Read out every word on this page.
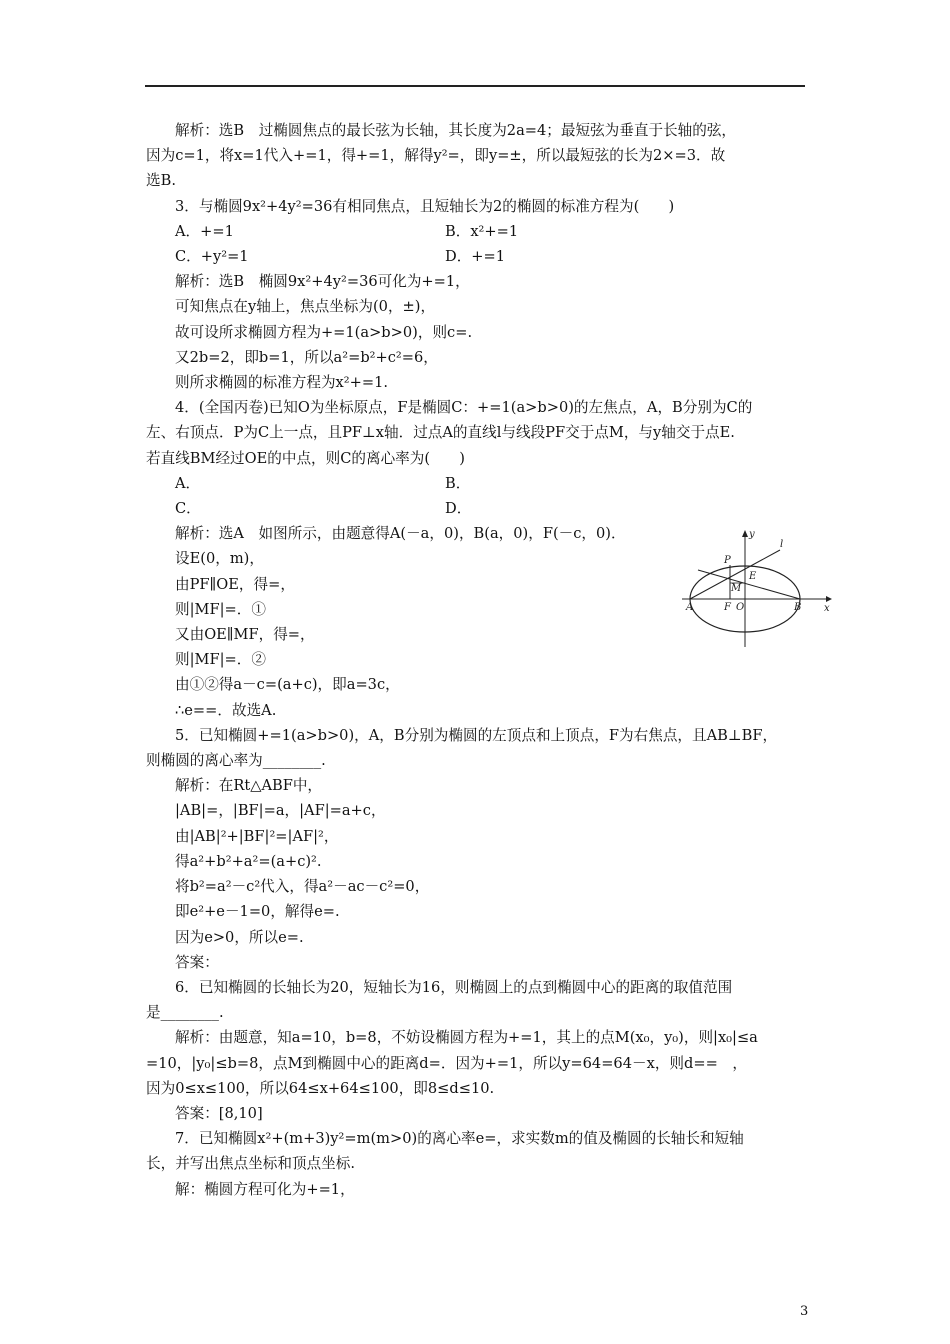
解析：选B　过椭圆焦点的最长弦为长轴，其长度为2a=4；最短弦为垂直于长轴的弦，

因为c=1，将x=1代入+=1，得+=1，解得y²=，即y=±，所以最短弦的长为2×=3．故

选B.

3．与椭圆9x²+4y²=36有相同焦点，且短轴长为2的椭圆的标准方程为(　　)

A．+=1	B．x²+=1
C．+y²=1	D．+=1

解析：选B　椭圆9x²+4y²=36可化为+=1，

可知焦点在y轴上，焦点坐标为(0，±)，

故可设所求椭圆方程为+=1(a>b>0)，则c=.

又2b=2，即b=1，所以a²=b²+c²=6，

则所求椭圆的标准方程为x²+=1.

4．(全国丙卷)已知O为坐标原点，F是椭圆C：+=1(a>b>0)的左焦点，A，B分别为C的

左、右顶点．P为C上一点，且PF⊥x轴．过点A的直线l与线段PF交于点M，与y轴交于点E.

若直线BM经过OE的中点，则C的离心率为(　　)

A．	B．
C．	D．

解析：选A　如图所示，由题意得A(－a，0)，B(a，0)，F(－c，0)．

设E(0，m)，

由PF∥OE，得=，

则|MF|=．①

又由OE∥MF，得=，

则|MF|=．②

由①②得a－c=(a+c)，即a=3c，

∴e==．故选A.

5．已知椭圆+=1(a>b>0)，A，B分别为椭圆的左顶点和上顶点，F为右焦点，且AB⊥BF，

则椭圆的离心率为________.

解析：在Rt△ABF中，

|AB|=，|BF|=a，|AF|=a+c，

由|AB|²+|BF|²=|AF|²，

得a²+b²+a²=(a+c)².

将b²=a²－c²代入，得a²－ac－c²=0，

即e²+e－1=0，解得e=.

因为e>0，所以e=.

答案：

6．已知椭圆的长轴长为20，短轴长为16，则椭圆上的点到椭圆中心的距离的取值范围

是________.

解析：由题意，知a=10，b=8，不妨设椭圆方程为+=1，其上的点M(x₀，y₀)，则|x₀|≤a

=10，|y₀|≤b=8，点M到椭圆中心的距离d=．因为+=1，所以y=64=64－x，则d==　，

因为0≤x≤100，所以64≤x+64≤100，即8≤d≤10.

答案：[8,10]

7．已知椭圆x²+(m+3)y²=m(m>0)的离心率e=，求实数m的值及椭圆的长轴长和短轴

长，并写出焦点坐标和顶点坐标.

解：椭圆方程可化为+=1，

y
l
P
E
M
A	F O	B x
3
